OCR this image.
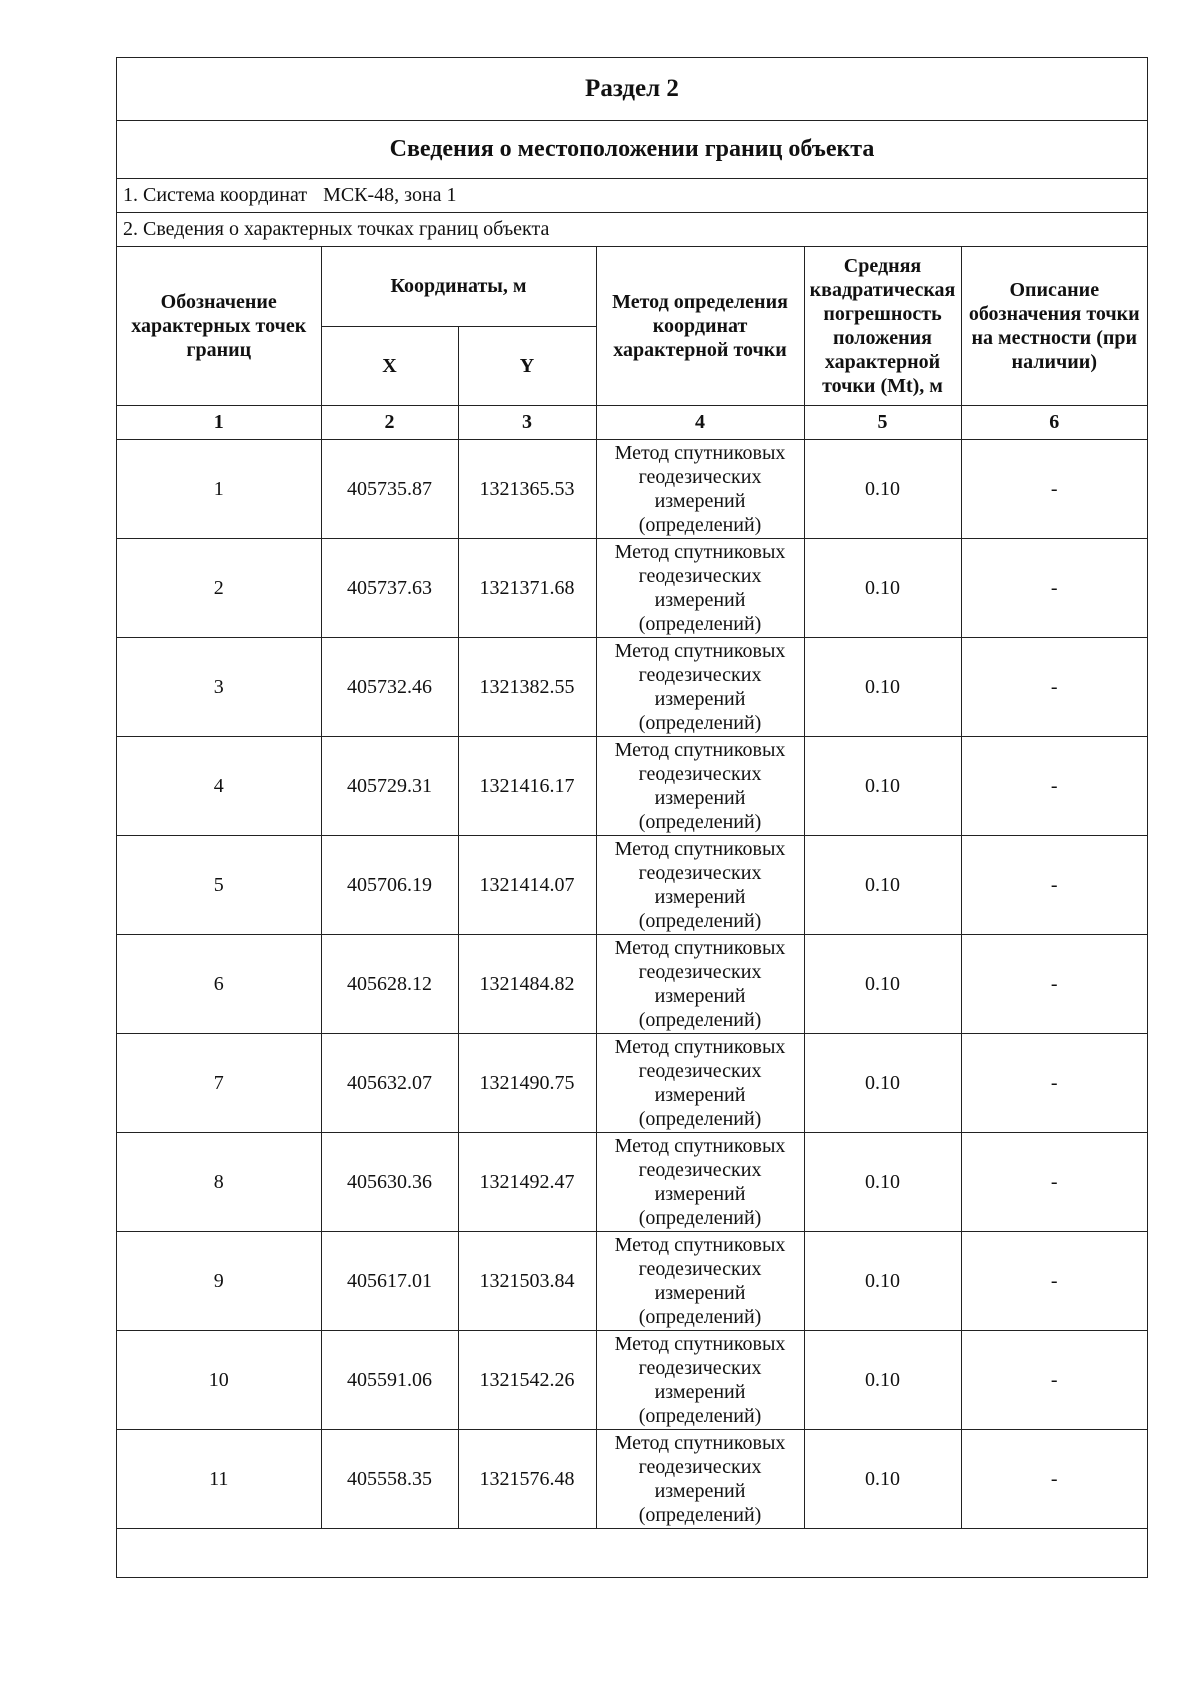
Раздел 2
Сведения о местоположении границ объекта
1. Система координат МСК-48, зона 1
2. Сведения о характерных точках границ объекта
Обозначение характерных точек границ	Координаты, м		Метод определения координат характерной точки	Средняя квадратическая погрешность положения характерной точки (Mt), м	Описание обозначения точки на местности (при наличии)
	X	Y			
1	2	3	4	5	6
1	405735.87	1321365.53	Метод спутниковых геодезических измерений (определений)	0.10	-
2	405737.63	1321371.68	Метод спутниковых геодезических измерений (определений)	0.10	-
3	405732.46	1321382.55	Метод спутниковых геодезических измерений (определений)	0.10	-
4	405729.31	1321416.17	Метод спутниковых геодезических измерений (определений)	0.10	-
5	405706.19	1321414.07	Метод спутниковых геодезических измерений (определений)	0.10	-
6	405628.12	1321484.82	Метод спутниковых геодезических измерений (определений)	0.10	-
7	405632.07	1321490.75	Метод спутниковых геодезических измерений (определений)	0.10	-
8	405630.36	1321492.47	Метод спутниковых геодезических измерений (определений)	0.10	-
9	405617.01	1321503.84	Метод спутниковых геодезических измерений (определений)	0.10	-
10	405591.06	1321542.26	Метод спутниковых геодезических измерений (определений)	0.10	-
11	405558.35	1321576.48	Метод спутниковых геодезических измерений (определений)	0.10	-
